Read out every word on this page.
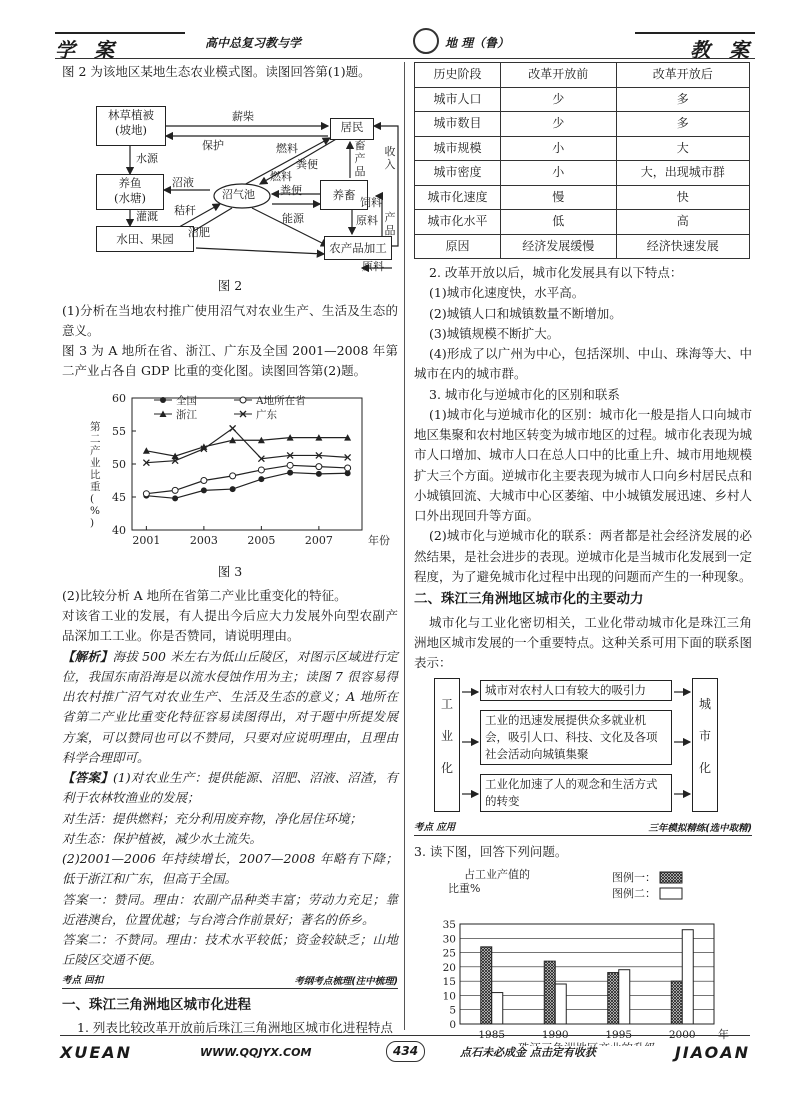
学 案	高中总复习教与学	地 理（鲁）	教 案

图 2 为该地区某地生态农业模式图。读图回答第(1)题。

林草植被
(坡地)	居民
养鱼
(水塘)	沼气池	养畜
水田、果园
农产品加工
薪柴
保护	燃料
水源	粪便
燃料
沼液
粪便
秸秆
灌溉	能源
沼肥
原料
原料
饲料
收入
产品
畜产品
图 2

(1)分析在当地农村推广使用沼气对农业生产、生活及生态的意义。

图 3 为 A 地所在省、浙江、广东及全国 2001—2008 年第二产业占各自 GDP 比重的变化图。读图回答第(2)题。

40
45
50
55
60
2001	2003	2005	2007	年份
第
二
产
业
比
重
(
%
)
全国	A地所在省
浙江	广东
图 3

(2)比较分析 A 地所在省第二产业比重变化的特征。

对该省工业的发展，有人提出今后应大力发展外向型农副产品深加工工业。你是否赞同，请说明理由。

【解析】海拔 500 米左右为低山丘陵区，对图示区域进行定位，我国东南沿海是以流水侵蚀作用为主；读图 7 很容易得出农村推广沼气对农业生产、生活及生态的意义；A 地所在省第二产业比重变化特征容易读图得出，对于题中所提发展方案，可以赞同也可以不赞同，只要对应说明理由，且理由科学合理即可。

【答案】(1)对农业生产：提供能源、沼肥、沼液、沼渣，有利于农林牧渔业的发展；

对生活：提供燃料；充分利用废弃物，净化居住环境；

对生态：保护植被，减少水土流失。

(2)2001—2006 年持续增长，2007—2008 年略有下降；低于浙江和广东，但高于全国。

答案一：赞同。理由：农副产品种类丰富；劳动力充足；靠近港澳台，位置优越；与台湾合作前景好；著名的侨乡。

答案二：不赞同。理由：技术水平较低；资金较缺乏；山地丘陵区交通不便。

考点 回扣	考纲考点梳理(注中梳理)
一、珠江三角洲地区城市化进程

1. 列表比较改革开放前后珠江三角洲地区城市化进程特点

历史阶段	改革开放前	改革开放后
城市人口	少	多
城市数目	少	多
城市规模	小	大
城市密度	小	大，出现城市群
城市化速度	慢	快
城市化水平	低	高
原因	经济发展缓慢	经济快速发展

2. 改革开放以后，城市化发展具有以下特点：

(1)城市化速度快，水平高。

(2)城镇人口和城镇数量不断增加。

(3)城镇规模不断扩大。

(4)形成了以广州为中心，包括深圳、中山、珠海等大、中城市在内的城市群。

3. 城市化与逆城市化的区别和联系

(1)城市化与逆城市化的区别：城市化一般是指人口向城市地区集聚和农村地区转变为城市地区的过程。城市化表现为城市人口增加、城市人口在总人口中的比重上升、城市用地规模扩大三个方面。逆城市化主要表现为城市人口向乡村居民点和小城镇回流、大城市中心区萎缩、中小城镇发展迅速、乡村人口外出现回升等方面。

(2)城市化与逆城市化的联系：两者都是社会经济发展的必然结果，是社会进步的表现。逆城市化是当城市化发展到一定程度，为了避免城市化过程中出现的问题而产生的一种现象。

二、珠江三角洲地区城市化的主要动力

城市化与工业化密切相关，工业化带动城市化是珠江三角洲地区城市发展的一个重要特点。这种关系可用下面的联系图表示：

工
业
化
城市对农村人口有较大的吸引力
工业的迅速发展提供众多就业机会，吸引人口、科技、文化及各项社会活动向城镇集聚
工业化加速了人的观念和生活方式的转变
城
市
化
考点 应用	三年模拟精练(选中取精)

3. 读下图，回答下列问题。

占工业产值的
比重%
图例一：
图例二：
0
5
10
15
20
25
30
35
1985	1990	1995	2000 年
XUEAN	WWW.QQJYX.COM	434	点石未必成金 点击定有收获	JIAOAN
